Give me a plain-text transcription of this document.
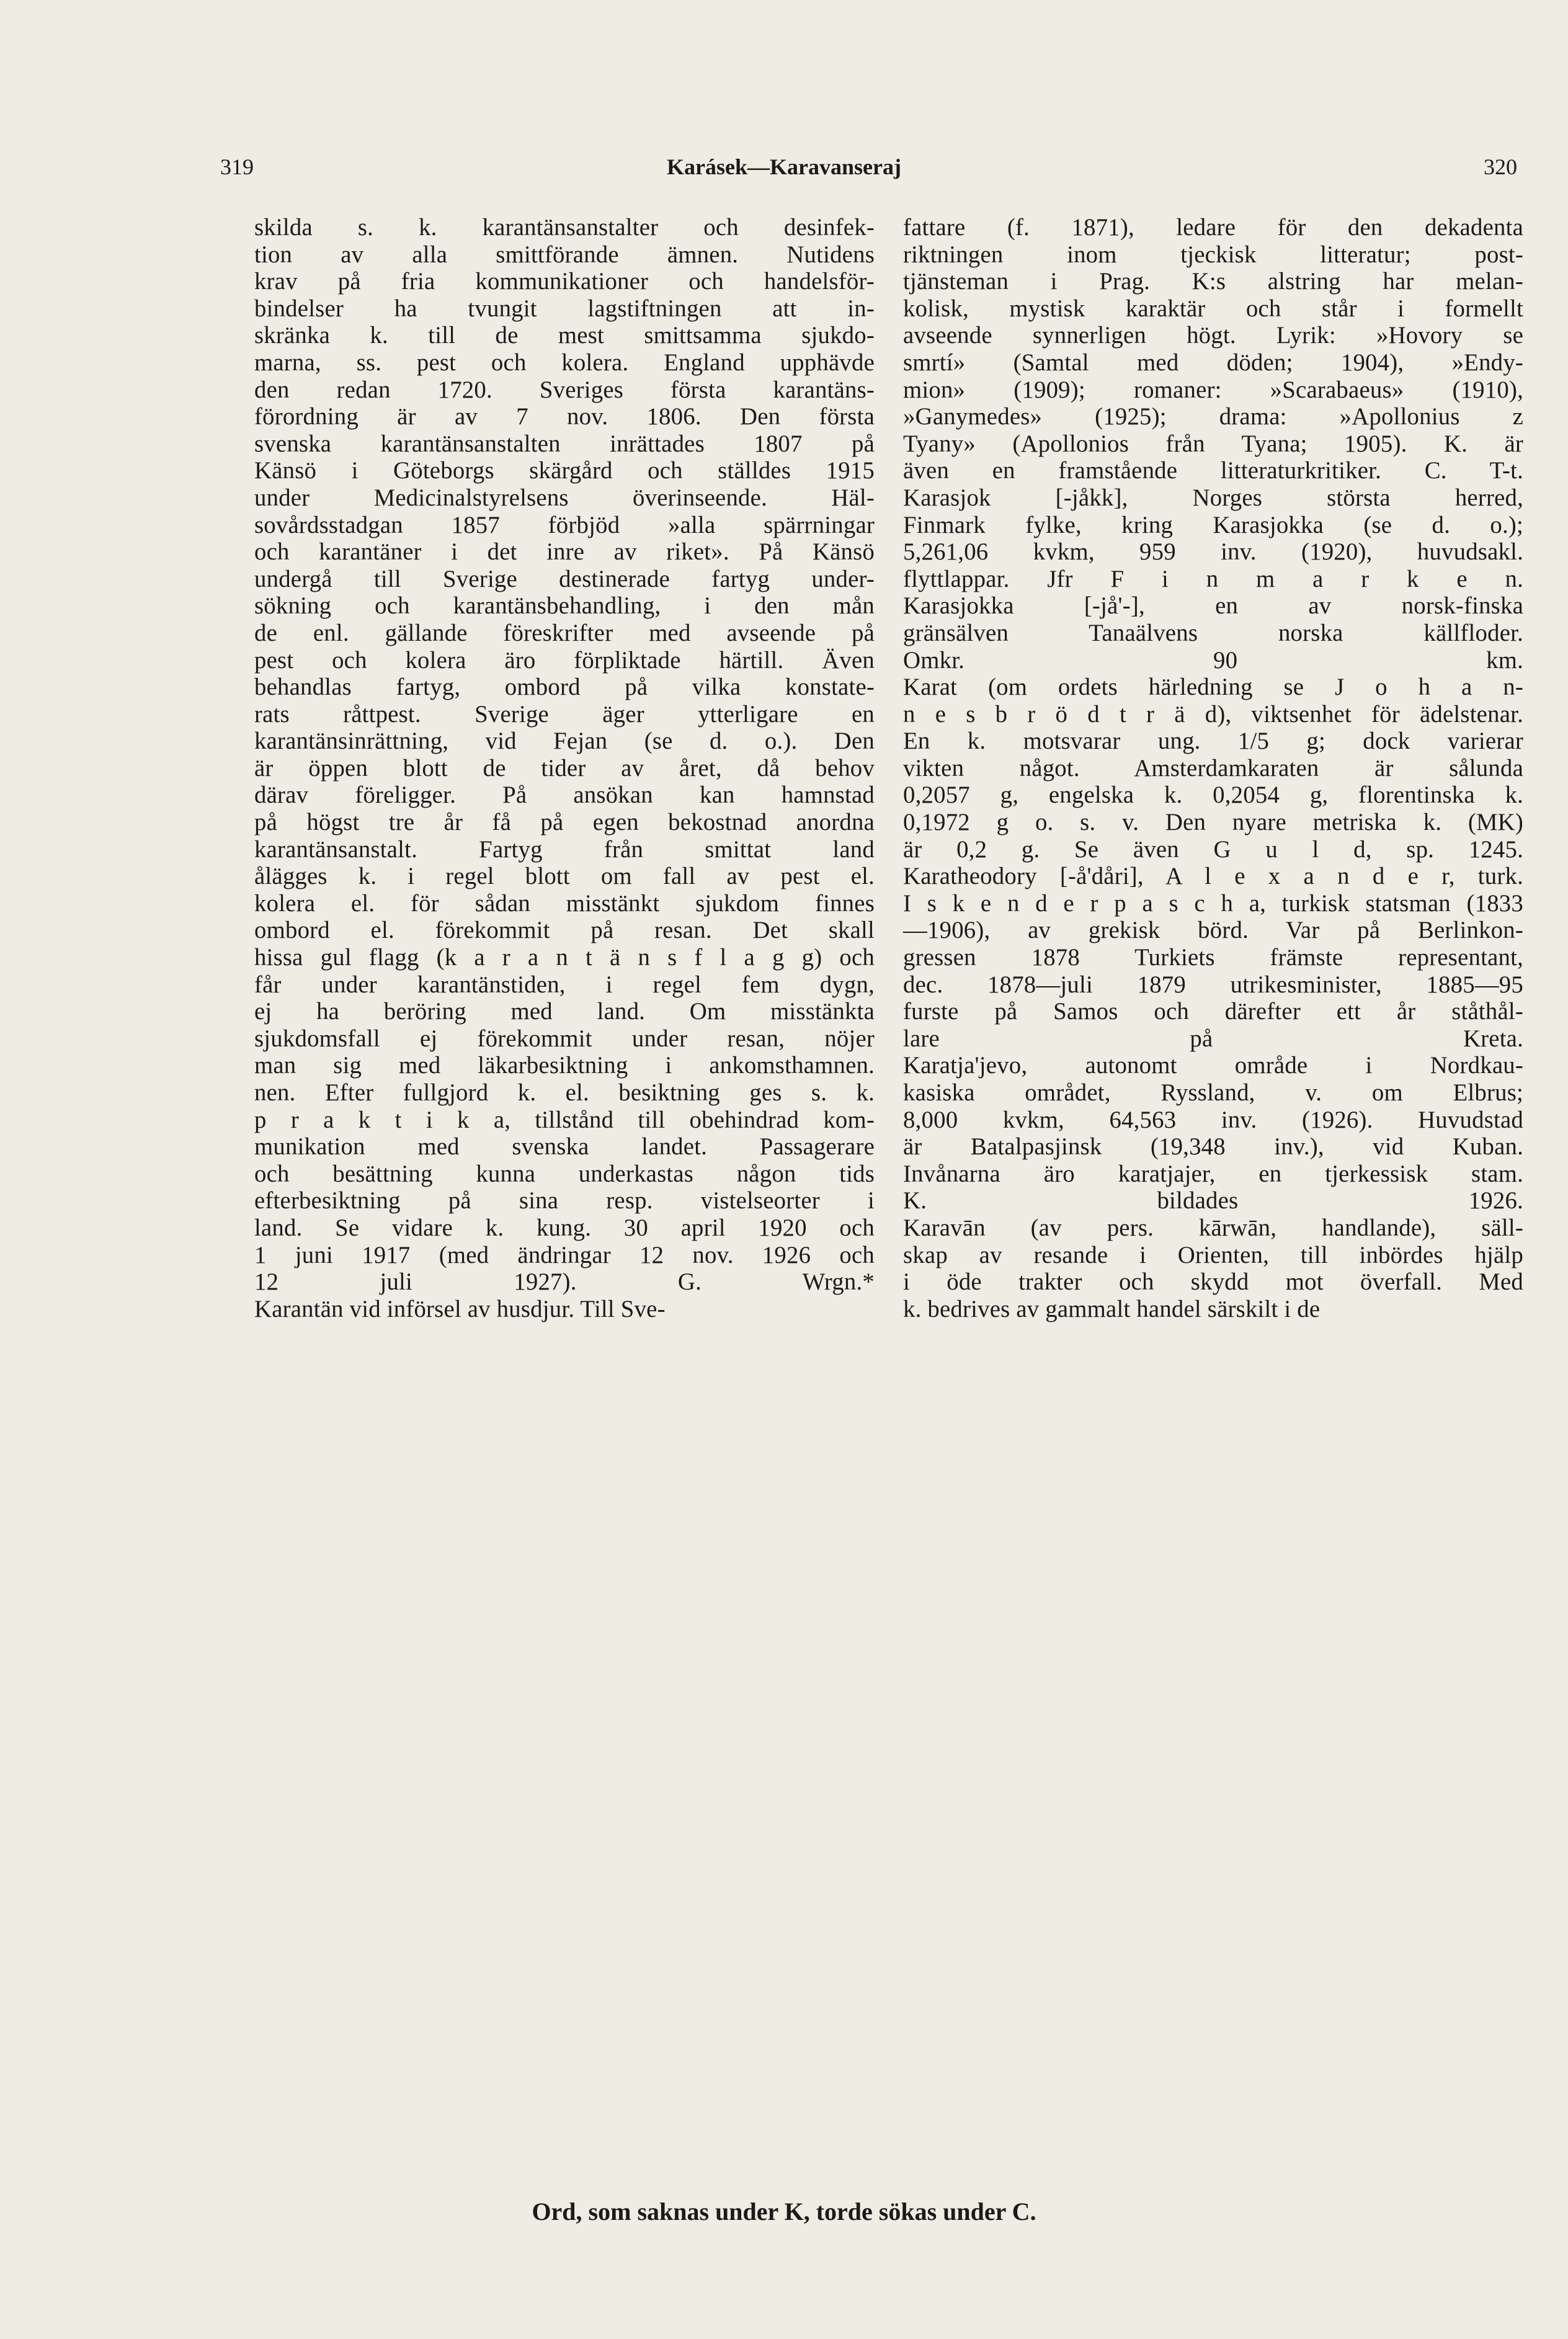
319	Karásek—Karavanseraj	320
skilda s. k. karantänsanstalter och desinfek-
tion av alla smittförande ämnen. Nutidens
krav på fria kommunikationer och handelsför-
bindelser ha tvungit lagstiftningen att in-
skränka k. till de mest smittsamma sjukdo-
marna, ss. pest och kolera. England upphävde
den redan 1720. Sveriges första karantäns-
förordning är av 7 nov. 1806. Den första
svenska karantänsanstalten inrättades 1807 på
Känsö i Göteborgs skärgård och ställdes 1915
under Medicinalstyrelsens överinseende. Häl-
sovårdsstadgan 1857 förbjöd »alla spärrningar
och karantäner i det inre av riket». På Känsö
undergå till Sverige destinerade fartyg under-
sökning och karantänsbehandling, i den mån
de enl. gällande föreskrifter med avseende på
pest och kolera äro förpliktade härtill. Även
behandlas fartyg, ombord på vilka konstate-
rats råttpest. Sverige äger ytterligare en
karantänsinrättning, vid Fejan (se d. o.). Den
är öppen blott de tider av året, då behov
därav föreligger. På ansökan kan hamnstad
på högst tre år få på egen bekostnad anordna
karantänsanstalt. Fartyg från smittat land
ålägges k. i regel blott om fall av pest el.
kolera el. för sådan misstänkt sjukdom finnes
ombord el. förekommit på resan. Det skall
hissa gul flagg (k a r a n t ä n s f l a g g) och
får under karantänstiden, i regel fem dygn,
ej ha beröring med land. Om misstänkta
sjukdomsfall ej förekommit under resan, nöjer
man sig med läkarbesiktning i ankomsthamnen.
nen. Efter fullgjord k. el. besiktning ges s. k.
p r a k t i k a, tillstånd till obehindrad kom-
munikation med svenska landet. Passagerare
och besättning kunna underkastas någon tids
efterbesiktning på sina resp. vistelseorter i
land. Se vidare k. kung. 30 april 1920 och
1 juni 1917 (med ändringar 12 nov. 1926 och
12 juli 1927). G. Wrgn.*
Karantän vid införsel av husdjur. Till Sve-
fattare (f. 1871), ledare för den dekadenta
riktningen inom tjeckisk litteratur; post-
tjänsteman i Prag. K:s alstring har melan-
kolisk, mystisk karaktär och står i formellt
avseende synnerligen högt. Lyrik: »Hovory se
smrtí» (Samtal med döden; 1904), »Endy-
mion» (1909); romaner: »Scarabaeus» (1910),
»Ganymedes» (1925); drama: »Apollonius z
Tyany» (Apollonios från Tyana; 1905). K. är
även en framstående litteraturkritiker. C. T-t.
Karasjok [-jåkk], Norges största herred,
Finmark fylke, kring Karasjokka (se d. o.);
5,261,06 kvkm, 959 inv. (1920), huvudsakl.
flyttlappar. Jfr F i n m a r k e n.
Karasjokka [-jå'-], en av norsk-finska
gränsälven Tanaälvens norska källfloder.
Omkr. 90 km.
Karat (om ordets härledning se J o h a n-
n e s b r ö d t r ä d), viktsenhet för ädelstenar.
En k. motsvarar ung. 1/5 g; dock varierar
vikten något. Amsterdamkaraten är sålunda
0,2057 g, engelska k. 0,2054 g, florentinska k.
0,1972 g o. s. v. Den nyare metriska k. (MK)
är 0,2 g. Se även G u l d, sp. 1245.
Karatheodory [-å'dåri], A l e x a n d e r, turk.
I s k e n d e r p a s c h a, turkisk statsman (1833
—1906), av grekisk börd. Var på Berlinkon-
gressen 1878 Turkiets främste representant,
dec. 1878—juli 1879 utrikesminister, 1885—95
furste på Samos och därefter ett år ståthål-
lare på Kreta.
Karatja'jevo, autonomt område i Nordkau-
kasiska området, Ryssland, v. om Elbrus;
8,000 kvkm, 64,563 inv. (1926). Huvudstad
är Batalpasjinsk (19,348 inv.), vid Kuban.
Invånarna äro karatjajer, en tjerkessisk stam.
K. bildades 1926.
Karavān (av pers. kārwān, handlande), säll-
skap av resande i Orienten, till inbördes hjälp
i öde trakter och skydd mot överfall. Med
k. bedrives av gammalt handel särskilt i de
Ord, som saknas under K, torde sökas under C.
